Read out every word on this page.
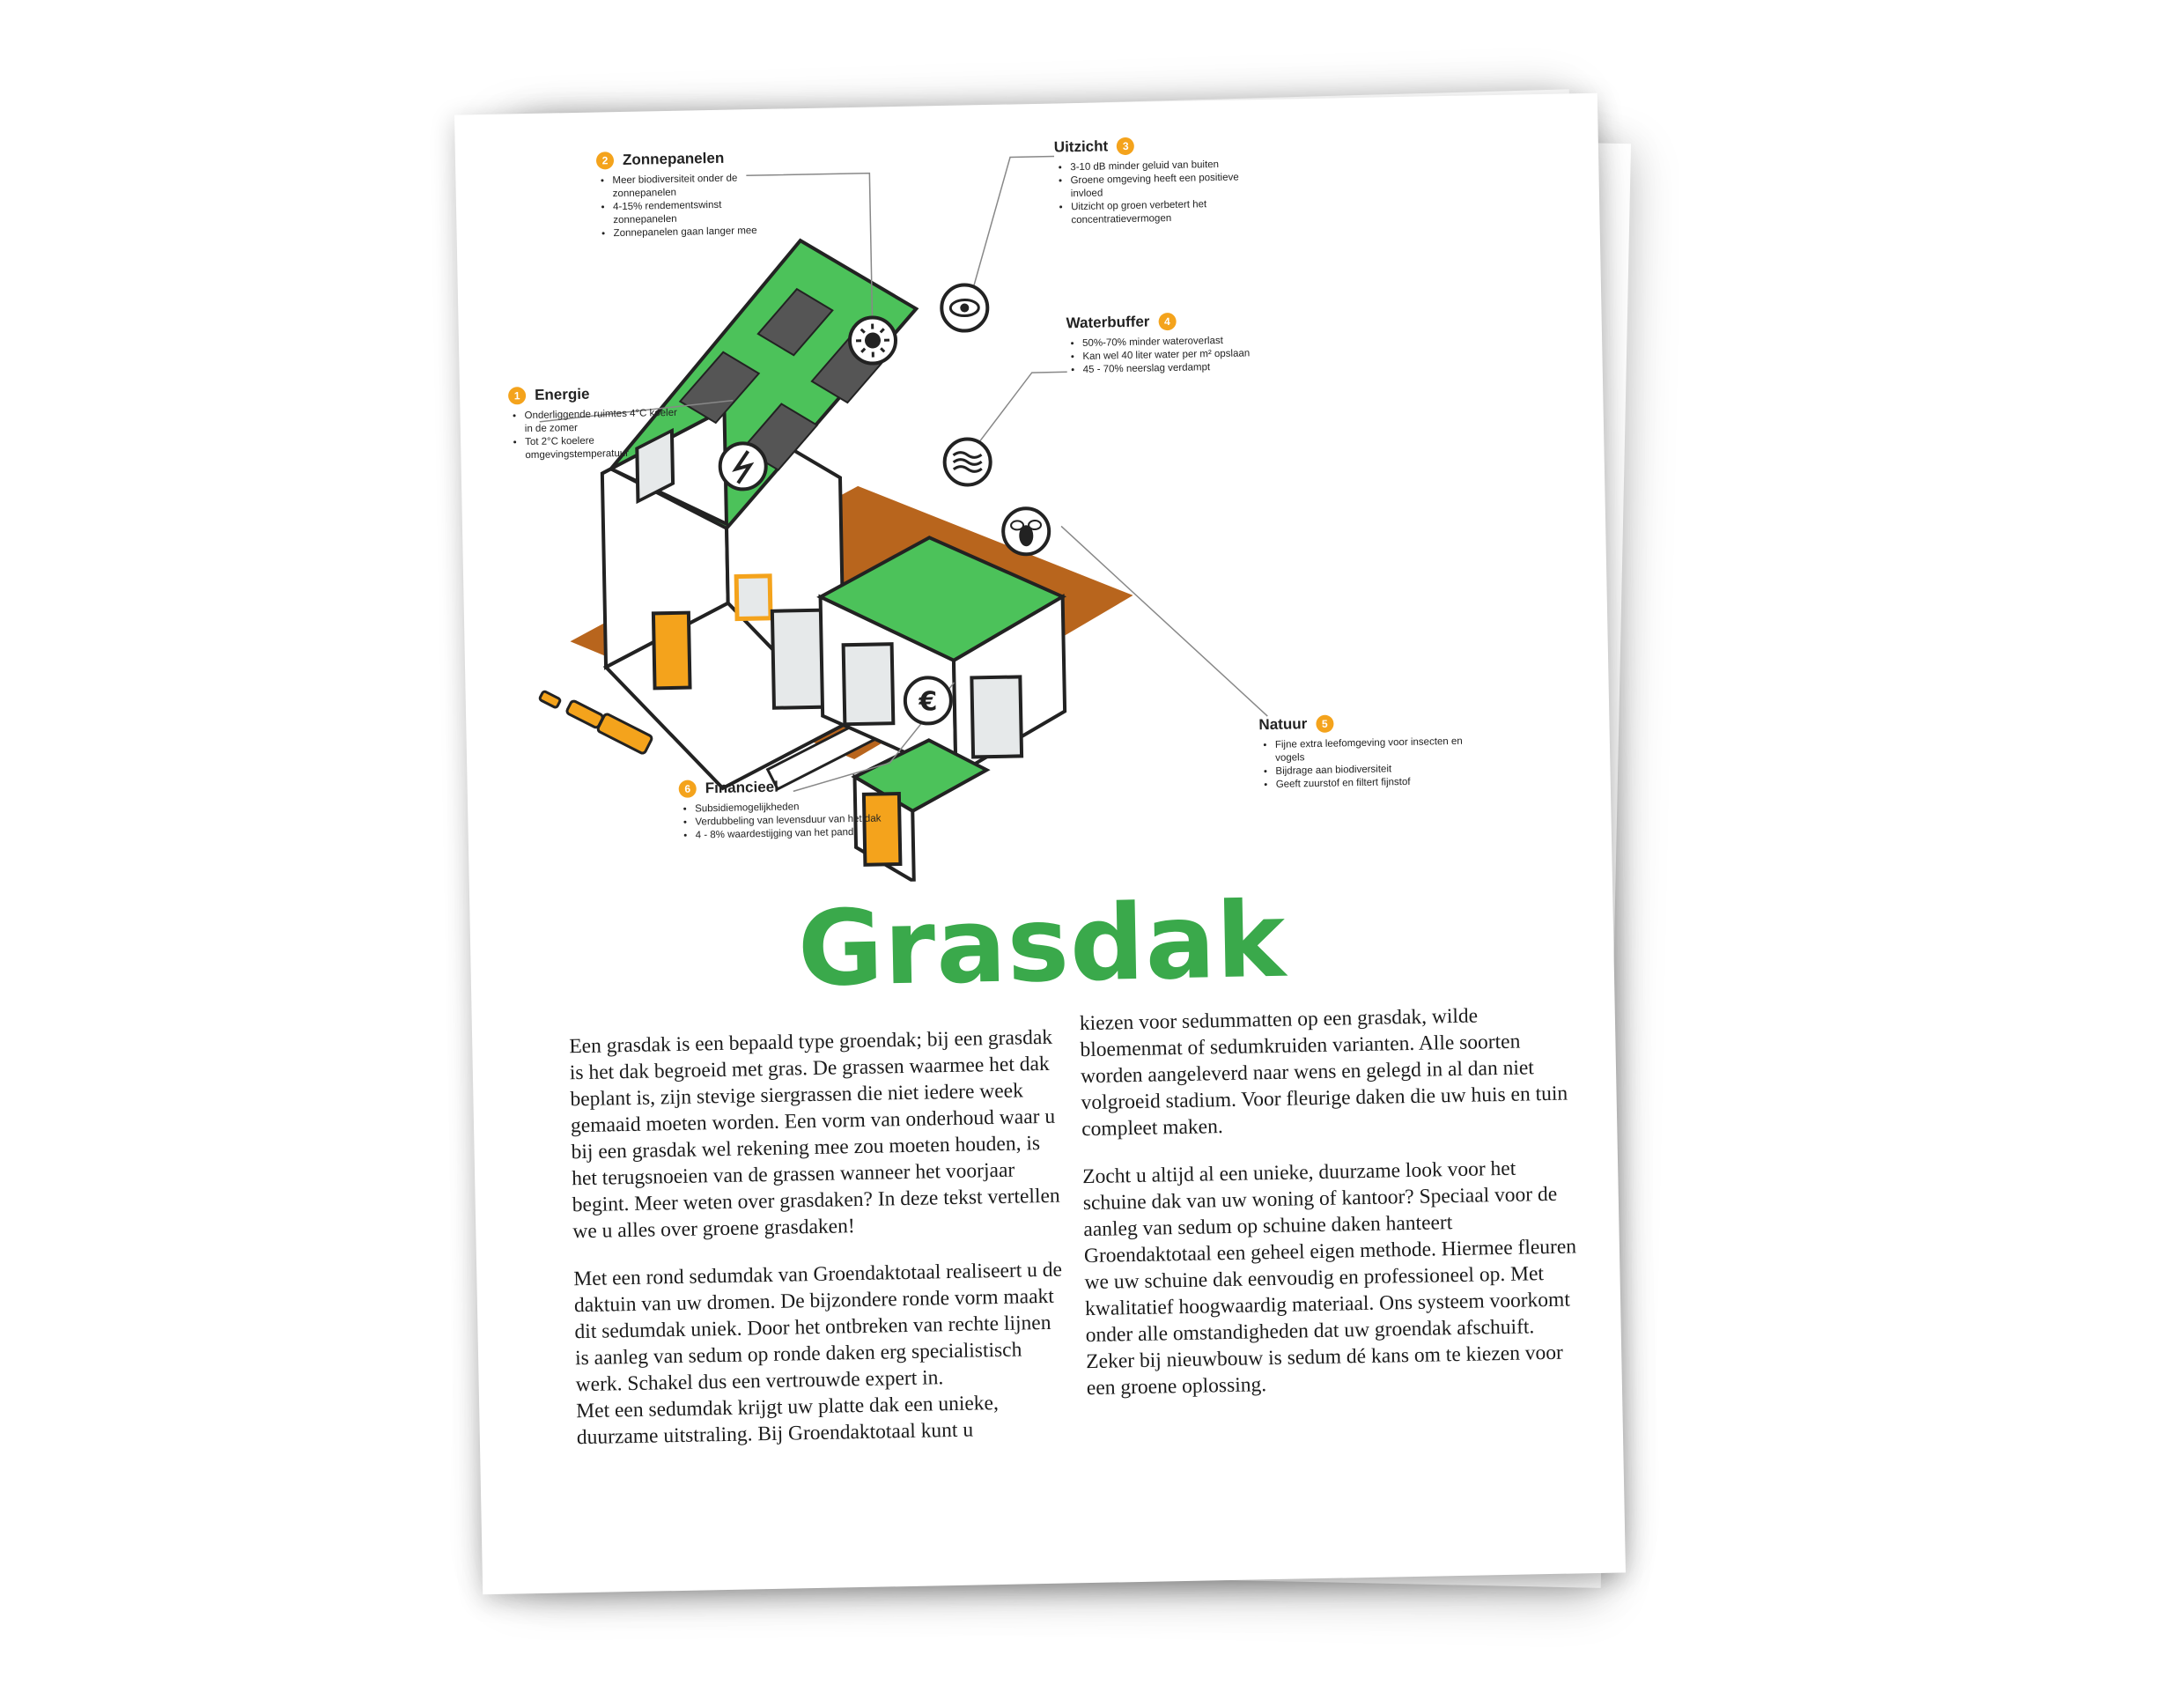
€
2 Zonnepanelen
• Meer biodiversiteit onder de zonnepanelen
• 4-15% rendementswinst zonnepanelen
• Zonnepanelen gaan langer mee
Uitzicht	3
• 3-10 dB minder geluid van buiten
• Groene omgeving heeft een positieve invloed
• Uitzicht op groen verbetert het concentratievermogen
Waterbuffer	4
• 50%-70% minder wateroverlast
• Kan wel 40 liter water per m² opslaan
• 45 - 70% neerslag verdampt
1 Energie
• Onderliggende ruimtes 4°C koeler in de zomer
• Tot 2°C koelere omgevingstemperatuur
Natuur	5
• Fijne extra leefomgeving voor insecten en vogels
• Bijdrage aan biodiversiteit
• Geeft zuurstof en filtert fijnstof
6 Financieel
• Subsidiemogelijkheden
• Verdubbeling van levensduur van het dak
• 4 - 8% waardestijging van het pand
Grasdak

Een grasdak is een bepaald type groendak; bij een grasdak is het dak begroeid met gras. De grassen waarmee het dak beplant is, zijn stevige siergrassen die niet iedere week gemaaid moeten worden. Een vorm van onderhoud waar u bij een grasdak wel rekening mee zou moeten houden, is het terugsnoeien van de grassen wanneer het voorjaar begint. Meer weten over grasdaken? In deze tekst vertellen we u alles over groene grasdaken!

Met een rond sedumdak van Groendaktotaal realiseert u de daktuin van uw dromen. De bijzondere ronde vorm maakt dit sedumdak uniek. Door het ontbreken van rechte lijnen is aanleg van sedum op ronde daken erg specialistisch werk. Schakel dus een vertrouwde expert in.

Met een sedumdak krijgt uw platte dak een unieke, duurzame uitstraling. Bij Groendaktotaal kunt u

kiezen voor sedummatten op een grasdak, wilde bloemenmat of sedumkruiden varianten. Alle soorten worden aangeleverd naar wens en gelegd in al dan niet volgroeid stadium. Voor fleurige daken die uw huis en tuin compleet maken.

Zocht u altijd al een unieke, duurzame look voor het schuine dak van uw woning of kantoor? Speciaal voor de aanleg van sedum op schuine daken hanteert Groendaktotaal een geheel eigen methode. Hiermee fleuren we uw schuine dak eenvoudig en professioneel op. Met kwalitatief hoogwaardig materiaal. Ons systeem voorkomt onder alle omstandigheden dat uw groendak afschuift. Zeker bij nieuwbouw is sedum dé kans om te kiezen voor een groene oplossing.
